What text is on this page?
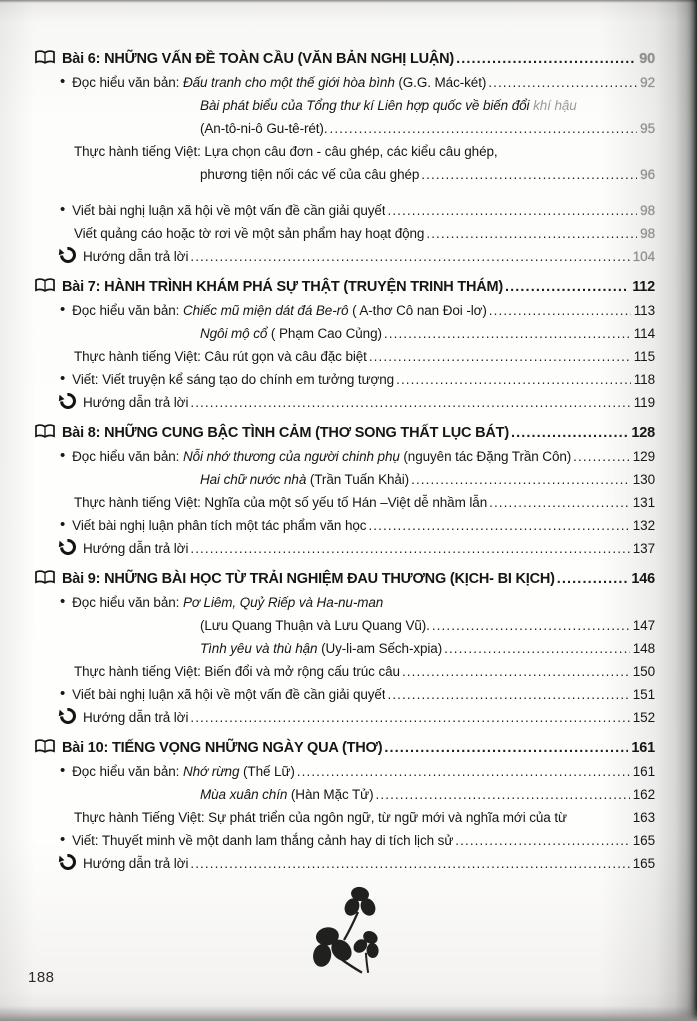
Bài 6: NHỮNG VẤN ĐỀ TOÀN CẦU (VĂN BẢN NGHỊ LUẬN) .....	90
• Đọc hiểu văn bản: Đấu tranh cho một thế giới hòa bình (G.G. Mác-két) .....	92
Bài phát biểu của Tổng thư kí Liên hợp quốc về biến đổi khí hậu
(An-tô-ni-ô Gu-tê-rét). .....	95
Thực hành tiếng Việt: Lựa chọn câu đơn - câu ghép, các kiểu câu ghép,
phương tiện nối các vế của câu ghép .....	96
• Viết bài nghị luận xã hội về một vấn đề cần giải quyết .....	98
Viết quảng cáo hoặc tờ rơi về một sản phẩm hay hoạt động .....	98
Hướng dẫn trả lời .....	104
Bài 7: HÀNH TRÌNH KHÁM PHÁ SỰ THẬT (TRUYỆN TRINH THÁM) .....	112
• Đọc hiểu văn bản: Chiếc mũ miện dát đá Be-rô ( A-thơ Cô nan Đoi -lơ) .....	113
Ngôi mộ cổ ( Phạm Cao Củng) .....	114
Thực hành tiếng Việt: Câu rút gọn và câu đặc biệt .....	115
• Viết: Viết truyện kể sáng tạo do chính em tưởng tượng .....	118
Hướng dẫn trả lời .....	119
Bài 8: NHỮNG CUNG BẬC TÌNH CẢM (THƠ SONG THẤT LỤC BÁT) .....	128
• Đọc hiểu văn bản: Nỗi nhớ thương của người chinh phụ (nguyên tác Đặng Trần Côn) .....	129
Hai chữ nước nhà (Trần Tuấn Khải) .....	130
Thực hành tiếng Việt: Nghĩa của một số yếu tố Hán –Việt dễ nhầm lẫn .....	131
• Viết bài nghị luận phân tích một tác phẩm văn học .....	132
Hướng dẫn trả lời .....	137
Bài 9: NHỮNG BÀI HỌC TỪ TRẢI NGHIỆM ĐAU THƯƠNG (KỊCH- BI KỊCH) .....	146
• Đọc hiểu văn bản: Pơ Liêm, Quỷ Riếp và Ha-nu-man
(Lưu Quang Thuận và Lưu Quang Vũ). .....	147
Tình yêu và thù hận (Uy-li-am Sếch-xpia) .....	148
Thực hành tiếng Việt: Biến đổi và mở rộng cấu trúc câu .....	150
• Viết bài nghị luận xã hội về một vấn đề cần giải quyết .....	151
Hướng dẫn trả lời .....	152
Bài 10: TIẾNG VỌNG NHỮNG NGÀY QUA (THƠ) .....	161
• Đọc hiểu văn bản: Nhớ rừng (Thế Lữ) .....	161
Mùa xuân chín (Hàn Mặc Tử) .....	162
Thực hành Tiếng Việt: Sự phát triển của ngôn ngữ, từ ngữ mới và nghĩa mới của từ	163
• Viết: Thuyết minh về một danh lam thắng cảnh hay di tích lịch sử .....	165
Hướng dẫn trả lời .....	165
188
